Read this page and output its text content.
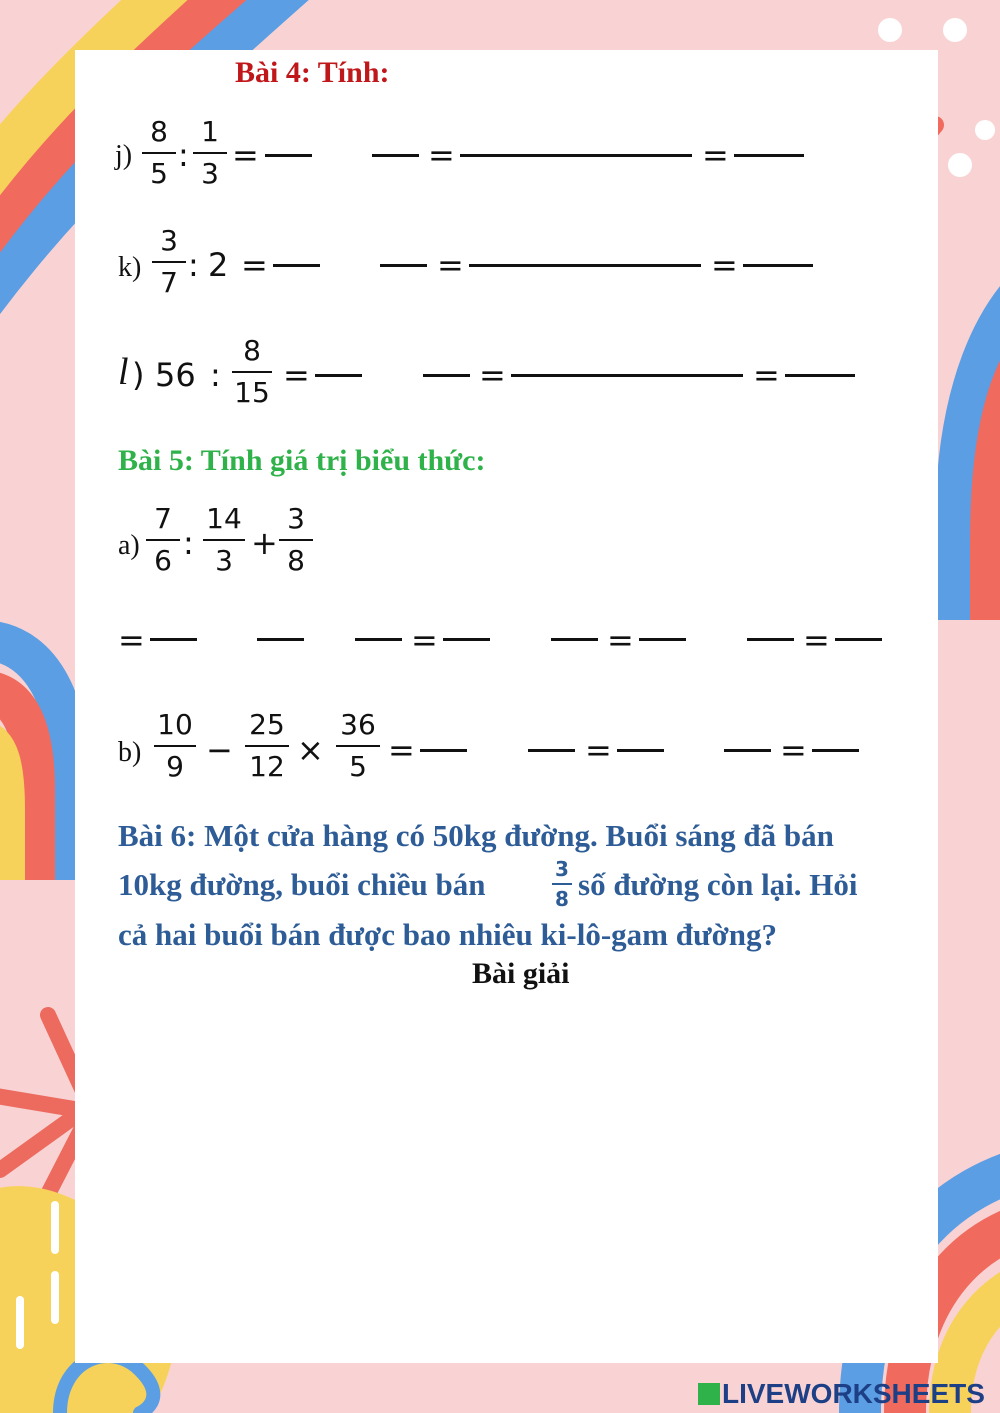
Bài 4: Tính:
j)
8
5 :
1
3 =	=	=
k)
3
7 : 2 =	=	=
l ) 56 :
8
15 =	=	=
Bài 5: Tính giá trị biểu thức:
a)
7
6 :
14
3 +
3
8
=	=	=	=
b)
10
9 −
25
12 ×
36
5 =	=	=
Bài 6: Một cửa hàng có 50kg đường. Buổi sáng đã bán
10kg đường, buổi chiều bán	3
8 số đường còn lại. Hỏi
cả hai buổi bán được bao nhiêu ki-lô-gam đường?
Bài giải
LIVEWORKSHEETS
